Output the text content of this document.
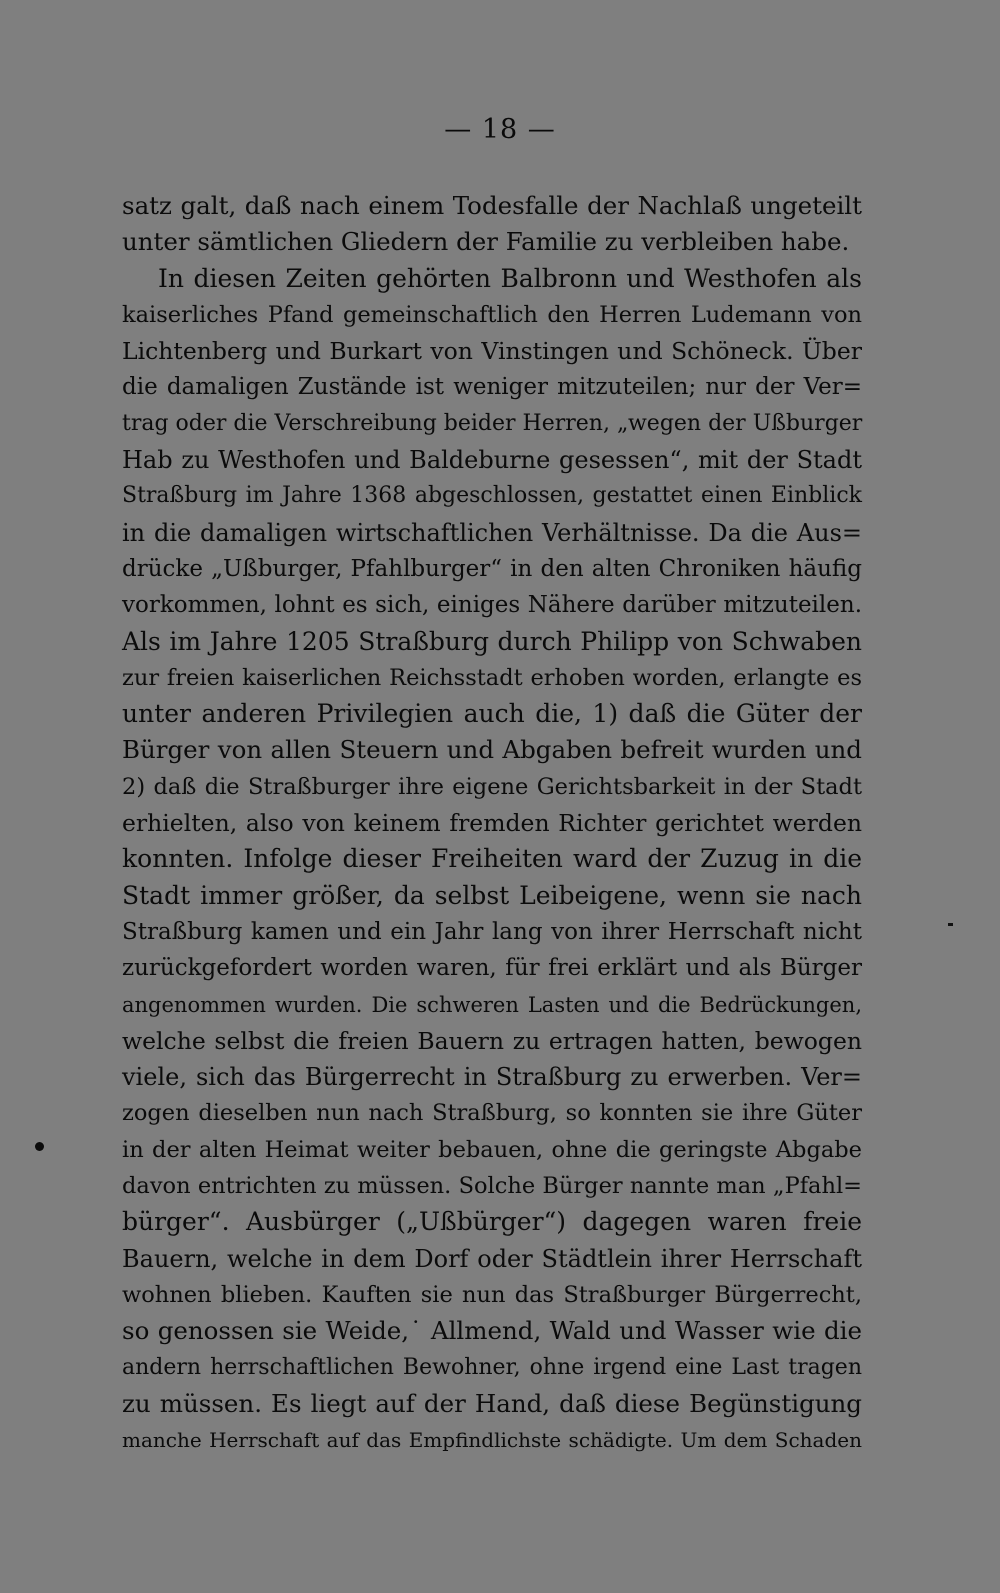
— 18 —
satz galt, daß nach einem Todesfalle der Nachlaß ungeteilt
unter sämtlichen Gliedern der Familie zu verbleiben habe.
In diesen Zeiten gehörten Balbronn und Westhofen als
kaiserliches Pfand gemeinschaftlich den Herren Ludemann von
Lichtenberg und Burkart von Vinstingen und Schöneck. Über
die damaligen Zustände ist weniger mitzuteilen; nur der Ver=
trag oder die Verschreibung beider Herren, „wegen der Ußburger
Hab zu Westhofen und Baldeburne gesessen“, mit der Stadt
Straßburg im Jahre 1368 abgeschlossen, gestattet einen Einblick
in die damaligen wirtschaftlichen Verhältnisse. Da die Aus=
drücke „Ußburger, Pfahlburger“ in den alten Chroniken häufig
vorkommen, lohnt es sich, einiges Nähere darüber mitzuteilen.
Als im Jahre 1205 Straßburg durch Philipp von Schwaben
zur freien kaiserlichen Reichsstadt erhoben worden, erlangte es
unter anderen Privilegien auch die, 1) daß die Güter der
Bürger von allen Steuern und Abgaben befreit wurden und
2) daß die Straßburger ihre eigene Gerichtsbarkeit in der Stadt
erhielten, also von keinem fremden Richter gerichtet werden
konnten. Infolge dieser Freiheiten ward der Zuzug in die
Stadt immer größer, da selbst Leibeigene, wenn sie nach
Straßburg kamen und ein Jahr lang von ihrer Herrschaft nicht
zurückgefordert worden waren, für frei erklärt und als Bürger
angenommen wurden. Die schweren Lasten und die Bedrückungen,
welche selbst die freien Bauern zu ertragen hatten, bewogen
viele, sich das Bürgerrecht in Straßburg zu erwerben. Ver=
zogen dieselben nun nach Straßburg, so konnten sie ihre Güter
in der alten Heimat weiter bebauen, ohne die geringste Abgabe
davon entrichten zu müssen. Solche Bürger nannte man „Pfahl=
bürger“. Ausbürger („Ußbürger“) dagegen waren freie
Bauern, welche in dem Dorf oder Städtlein ihrer Herrschaft
wohnen blieben. Kauften sie nun das Straßburger Bürgerrecht,
so genossen sie Weide,˙ Allmend, Wald und Wasser wie die
andern herrschaftlichen Bewohner, ohne irgend eine Last tragen
zu müssen. Es liegt auf der Hand, daß diese Begünstigung
manche Herrschaft auf das Empfindlichste schädigte. Um dem Schaden
